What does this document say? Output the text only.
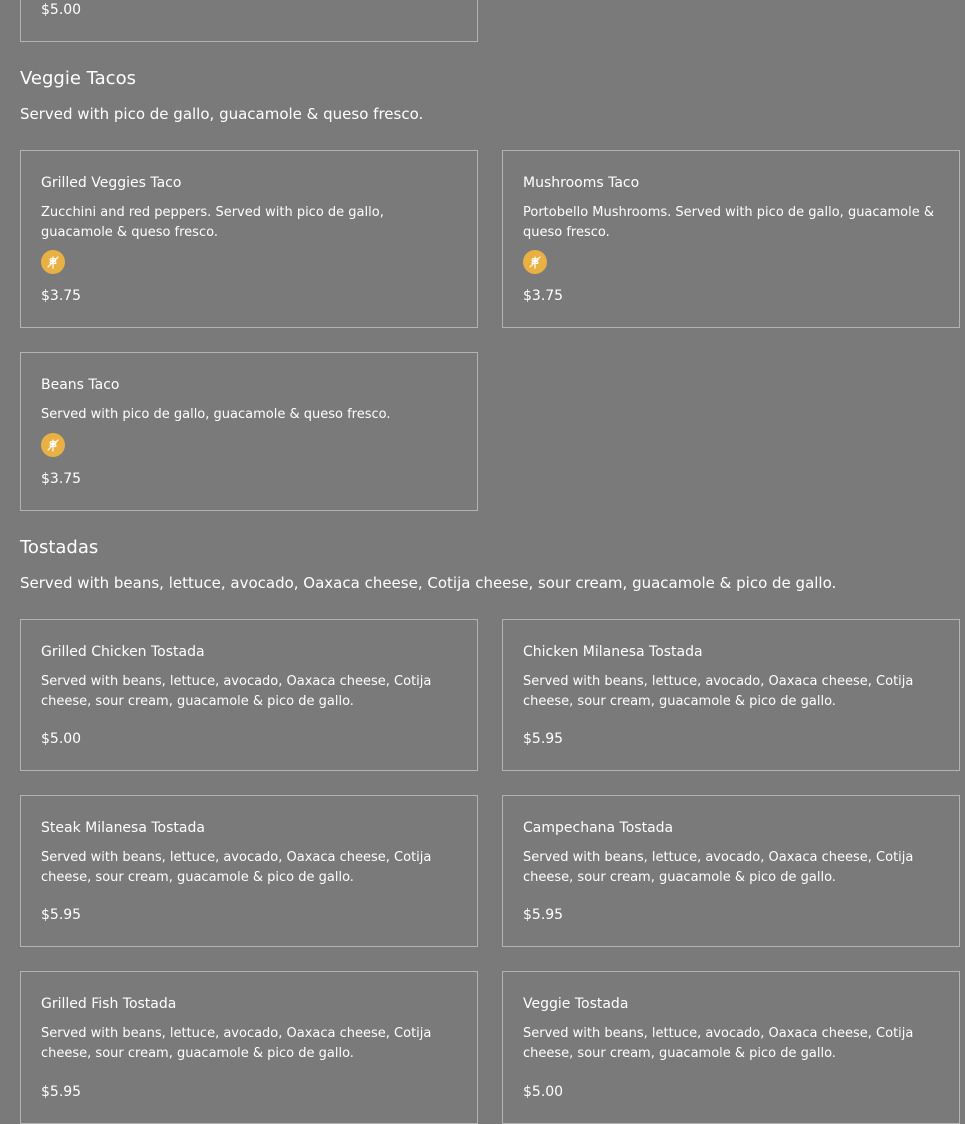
$5.00

Veggie Tacos

Served with pico de gallo, guacamole & queso fresco.

Grilled Veggies Taco

Zucchini and red peppers. Served with pico de gallo, guacamole & queso fresco.

$3.75

Mushrooms Taco

Portobello Mushrooms. Served with pico de gallo, guacamole & queso fresco.

$3.75

Beans Taco

Served with pico de gallo, guacamole & queso fresco.

$3.75

Tostadas

Served with beans, lettuce, avocado, Oaxaca cheese, Cotija cheese, sour cream, guacamole & pico de gallo.

Grilled Chicken Tostada

Served with beans, lettuce, avocado, Oaxaca cheese, Cotija cheese, sour cream, guacamole & pico de gallo.

$5.00

Chicken Milanesa Tostada

Served with beans, lettuce, avocado, Oaxaca cheese, Cotija cheese, sour cream, guacamole & pico de gallo.

$5.95

Steak Milanesa Tostada

Served with beans, lettuce, avocado, Oaxaca cheese, Cotija cheese, sour cream, guacamole & pico de gallo.

$5.95

Campechana Tostada

Served with beans, lettuce, avocado, Oaxaca cheese, Cotija cheese, sour cream, guacamole & pico de gallo.

$5.95

Grilled Fish Tostada

Served with beans, lettuce, avocado, Oaxaca cheese, Cotija cheese, sour cream, guacamole & pico de gallo.

$5.95

Veggie Tostada

Served with beans, lettuce, avocado, Oaxaca cheese, Cotija cheese, sour cream, guacamole & pico de gallo.

$5.00
